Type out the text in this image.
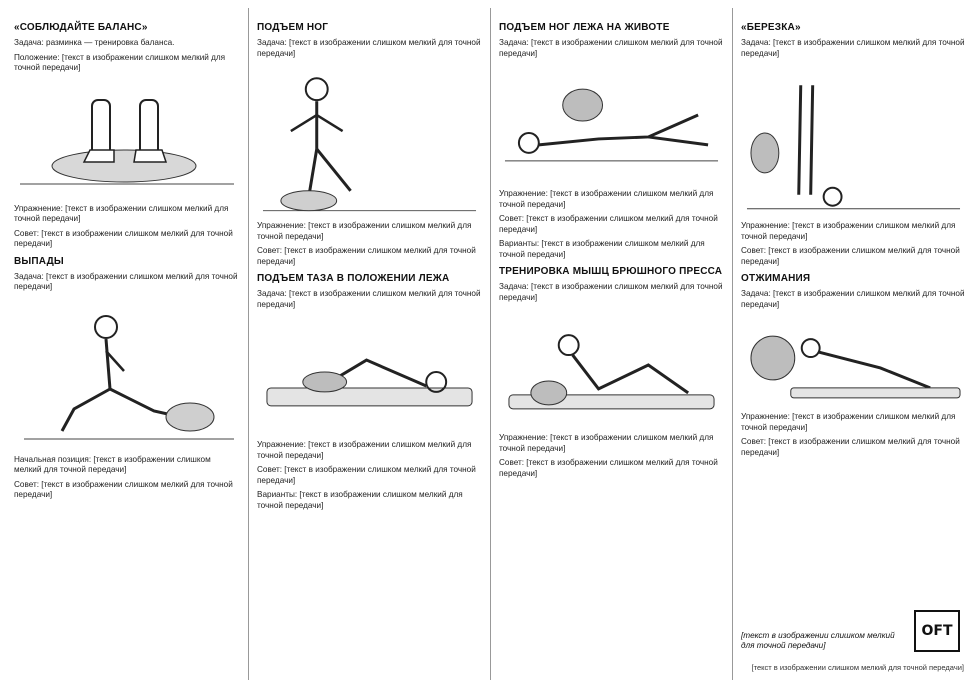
«СОБЛЮДАЙТЕ БАЛАНС»

Задача: разминка — тренировка баланса.

Положение: [текст в изображении слишком мелкий для точной передачи]

Упражнение: [текст в изображении слишком мелкий для точной передачи]

Совет: [текст в изображении слишком мелкий для точной передачи]

ВЫПАДЫ

Задача: [текст в изображении слишком мелкий для точной передачи]

Начальная позиция: [текст в изображении слишком мелкий для точной передачи]

Совет: [текст в изображении слишком мелкий для точной передачи]

ПОДЪЕМ НОГ

Задача: [текст в изображении слишком мелкий для точной передачи]

Упражнение: [текст в изображении слишком мелкий для точной передачи]

Совет: [текст в изображении слишком мелкий для точной передачи]

ПОДЪЕМ ТАЗА В ПОЛОЖЕНИИ ЛЕЖА

Задача: [текст в изображении слишком мелкий для точной передачи]

Упражнение: [текст в изображении слишком мелкий для точной передачи]

Совет: [текст в изображении слишком мелкий для точной передачи]

Варианты: [текст в изображении слишком мелкий для точной передачи]

ПОДЪЕМ НОГ ЛЕЖА НА ЖИВОТЕ

Задача: [текст в изображении слишком мелкий для точной передачи]

Упражнение: [текст в изображении слишком мелкий для точной передачи]

Совет: [текст в изображении слишком мелкий для точной передачи]

Варианты: [текст в изображении слишком мелкий для точной передачи]

ТРЕНИРОВКА МЫШЦ БРЮШНОГО ПРЕССА

Задача: [текст в изображении слишком мелкий для точной передачи]

Упражнение: [текст в изображении слишком мелкий для точной передачи]

Совет: [текст в изображении слишком мелкий для точной передачи]

«БЕРЕЗКА»

Задача: [текст в изображении слишком мелкий для точной передачи]

Упражнение: [текст в изображении слишком мелкий для точной передачи]

Совет: [текст в изображении слишком мелкий для точной передачи]

ОТЖИМАНИЯ

Задача: [текст в изображении слишком мелкий для точной передачи]

Упражнение: [текст в изображении слишком мелкий для точной передачи]

Совет: [текст в изображении слишком мелкий для точной передачи]

[текст в изображении слишком мелкий для точной передачи]
OFT
[текст в изображении слишком мелкий для точной передачи]
